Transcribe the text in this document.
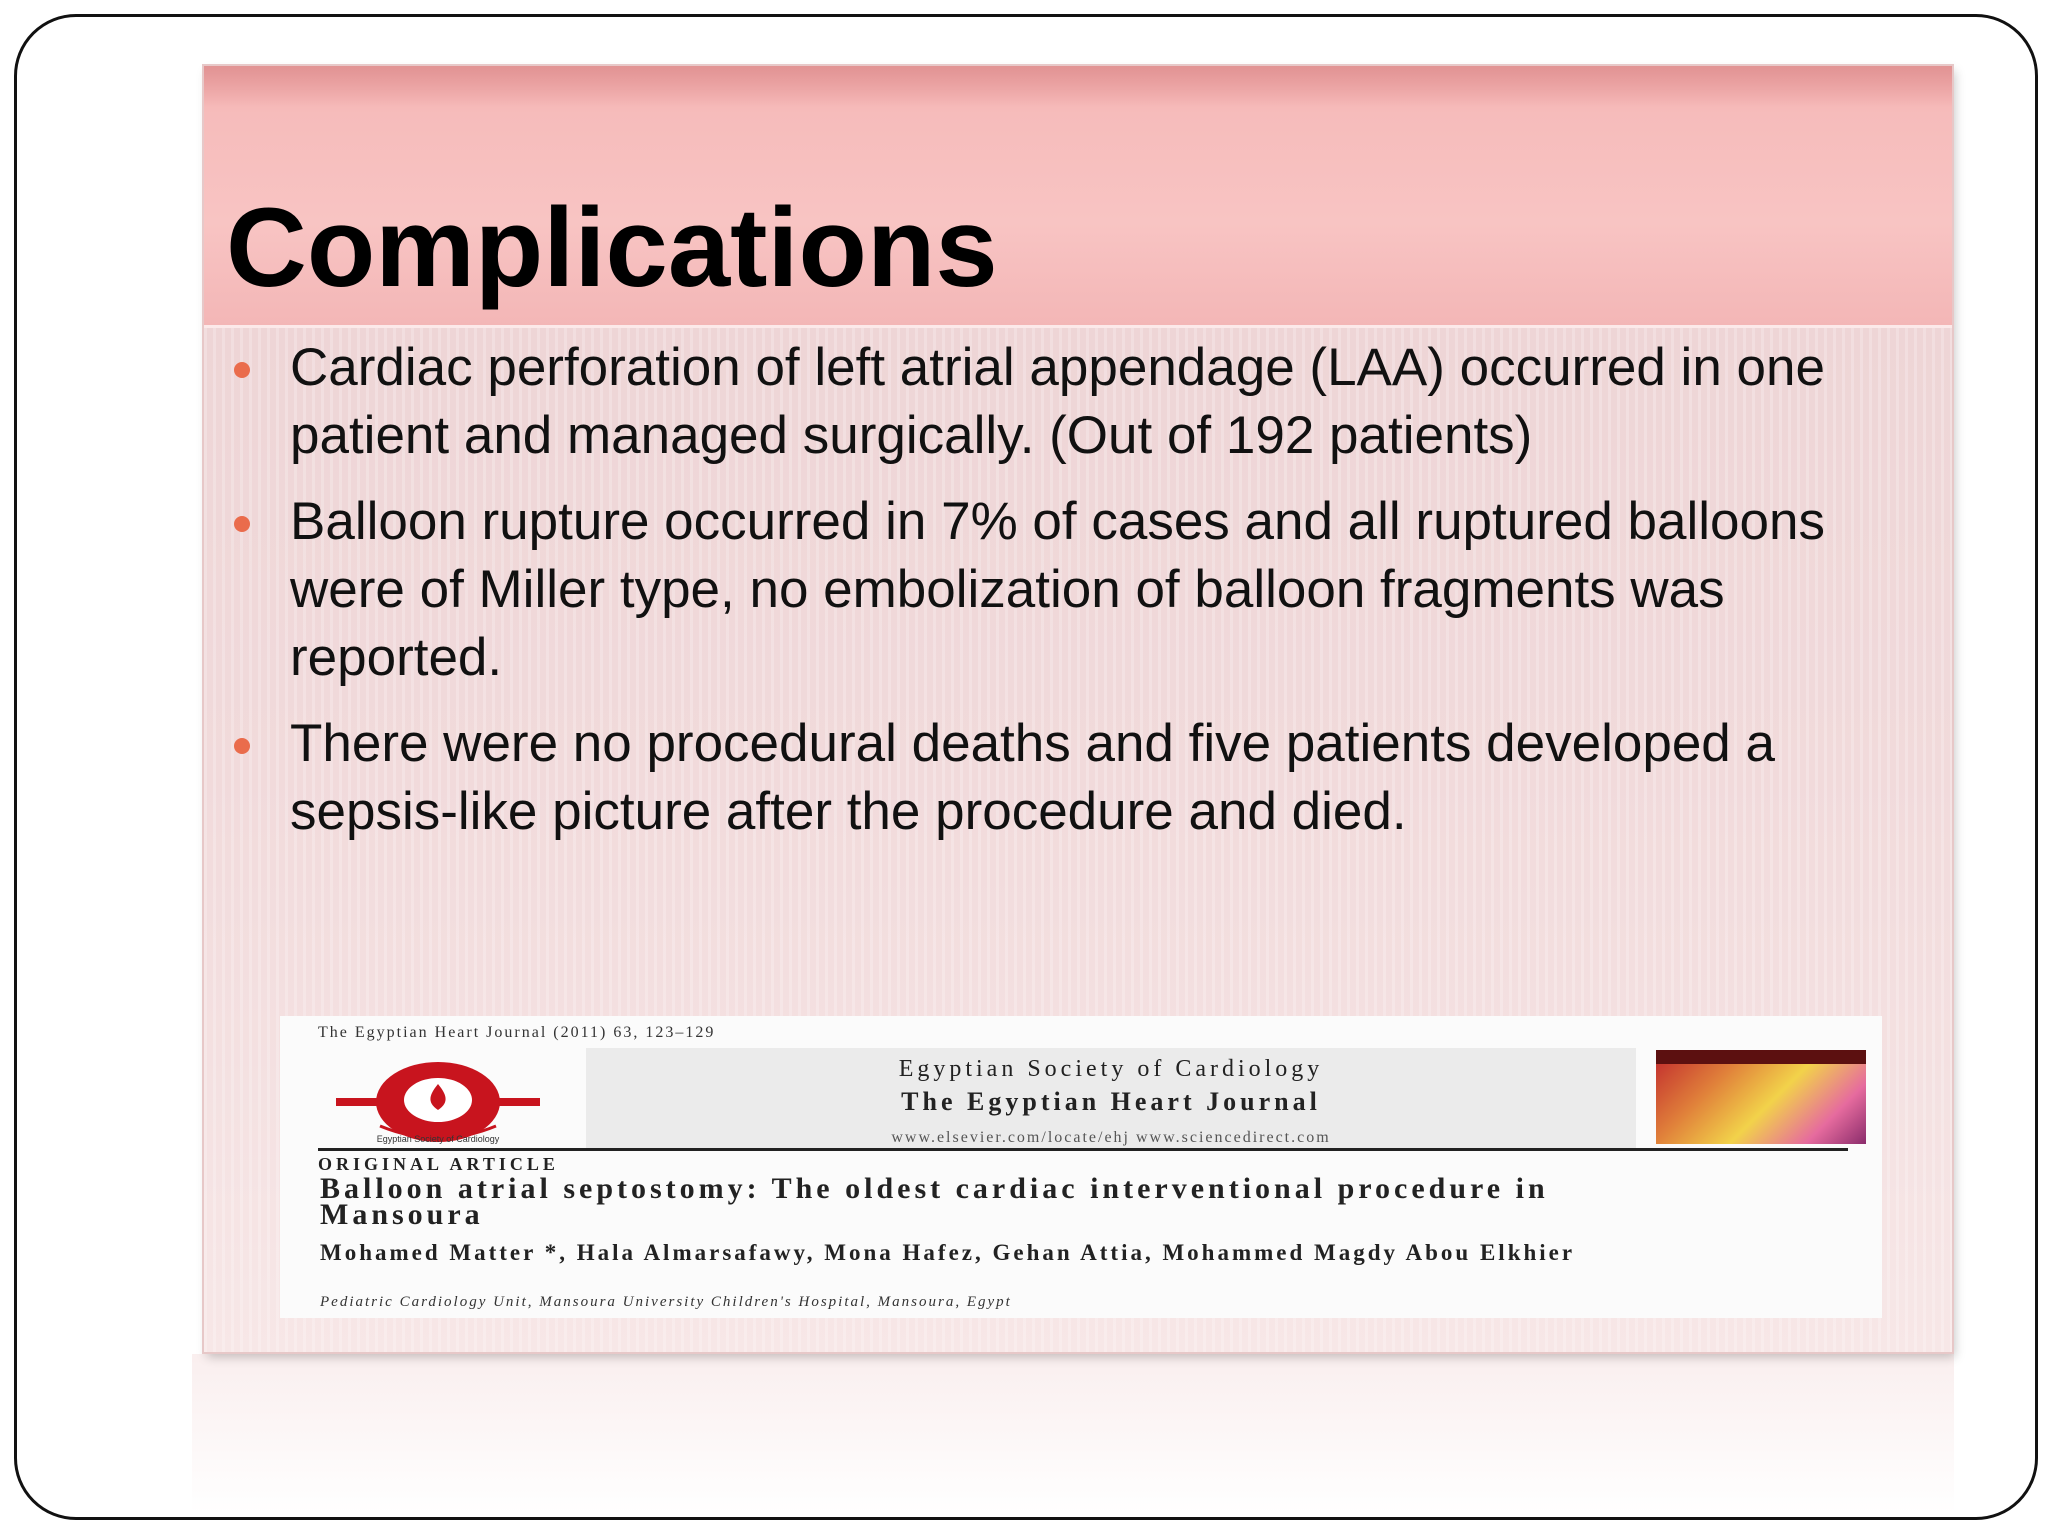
Complications
Cardiac perforation of left atrial appendage (LAA) occurred in one patient and managed surgically. (Out of 192 patients)
Balloon rupture occurred in 7% of cases and all ruptured balloons were of Miller type, no embolization of balloon fragments was reported.
There were no procedural deaths and five patients developed a sepsis-like picture after the procedure and died.
The Egyptian Heart Journal (2011) 63, 123–129
Egyptian Society of Cardiology
Egyptian Society of Cardiology
The Egyptian Heart Journal
www.elsevier.com/locate/ehj www.sciencedirect.com
ORIGINAL ARTICLE
Balloon atrial septostomy: The oldest cardiac interventional procedure in Mansoura
Mohamed Matter *, Hala Almarsafawy, Mona Hafez, Gehan Attia, Mohammed Magdy Abou Elkhier
Pediatric Cardiology Unit, Mansoura University Children's Hospital, Mansoura, Egypt
